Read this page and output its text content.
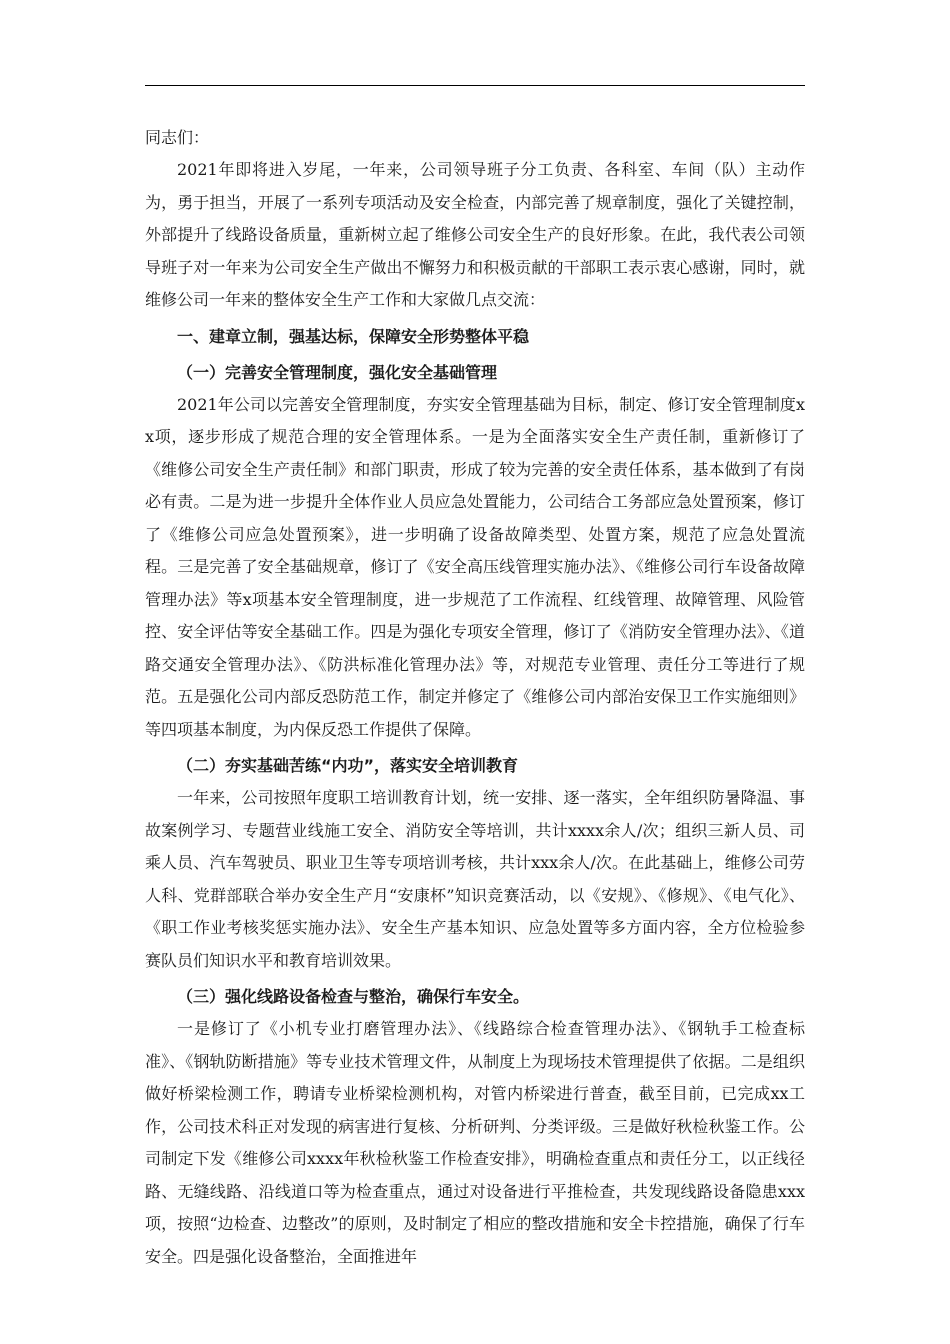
同志们：

2021年即将进入岁尾，一年来，公司领导班子分工负责、各科室、车间（队）主动作为，勇于担当，开展了一系列专项活动及安全检查，内部完善了规章制度，强化了关键控制，外部提升了线路设备质量，重新树立起了维修公司安全生产的良好形象。在此，我代表公司领导班子对一年来为公司安全生产做出不懈努力和积极贡献的干部职工表示衷心感谢，同时，就维修公司一年来的整体安全生产工作和大家做几点交流：

一、建章立制，强基达标，保障安全形势整体平稳
（一）完善安全管理制度，强化安全基础管理

2021年公司以完善安全管理制度，夯实安全管理基础为目标，制定、修订安全管理制度xx项，逐步形成了规范合理的安全管理体系。一是为全面落实安全生产责任制，重新修订了《维修公司安全生产责任制》和部门职责，形成了较为完善的安全责任体系，基本做到了有岗必有责。二是为进一步提升全体作业人员应急处置能力，公司结合工务部应急处置预案，修订了《维修公司应急处置预案》，进一步明确了设备故障类型、处置方案，规范了应急处置流程。三是完善了安全基础规章，修订了《安全高压线管理实施办法》、《维修公司行车设备故障管理办法》等x项基本安全管理制度，进一步规范了工作流程、红线管理、故障管理、风险管控、安全评估等安全基础工作。四是为强化专项安全管理，修订了《消防安全管理办法》、《道路交通安全管理办法》、《防洪标准化管理办法》等，对规范专业管理、责任分工等进行了规范。五是强化公司内部反恐防范工作，制定并修定了《维修公司内部治安保卫工作实施细则》等四项基本制度，为内保反恐工作提供了保障。

（二）夯实基础苦练“内功”，落实安全培训教育

一年来，公司按照年度职工培训教育计划，统一安排、逐一落实，全年组织防暑降温、事故案例学习、专题营业线施工安全、消防安全等培训，共计xxxx余人/次；组织三新人员、司乘人员、汽车驾驶员、职业卫生等专项培训考核，共计xxx余人/次。在此基础上，维修公司劳人科、党群部联合举办安全生产月“安康杯”知识竞赛活动，以《安规》、《修规》、《电气化》、《职工作业考核奖惩实施办法》、安全生产基本知识、应急处置等多方面内容，全方位检验参赛队员们知识水平和教育培训效果。

（三）强化线路设备检查与整治，确保行车安全。

一是修订了《小机专业打磨管理办法》、《线路综合检查管理办法》、《钢轨手工检查标准》、《钢轨防断措施》等专业技术管理文件，从制度上为现场技术管理提供了依据。二是组织做好桥梁检测工作，聘请专业桥梁检测机构，对管内桥梁进行普查，截至目前，已完成xx工作，公司技术科正对发现的病害进行复核、分析研判、分类评级。三是做好秋检秋鉴工作。公司制定下发《维修公司xxxx年秋检秋鉴工作检查安排》，明确检查重点和责任分工，以正线径路、无缝线路、沿线道口等为检查重点，通过对设备进行平推检查，共发现线路设备隐患xxx项，按照“边检查、边整改”的原则，及时制定了相应的整改措施和安全卡控措施，确保了行车安全。四是强化设备整治，全面推进年
